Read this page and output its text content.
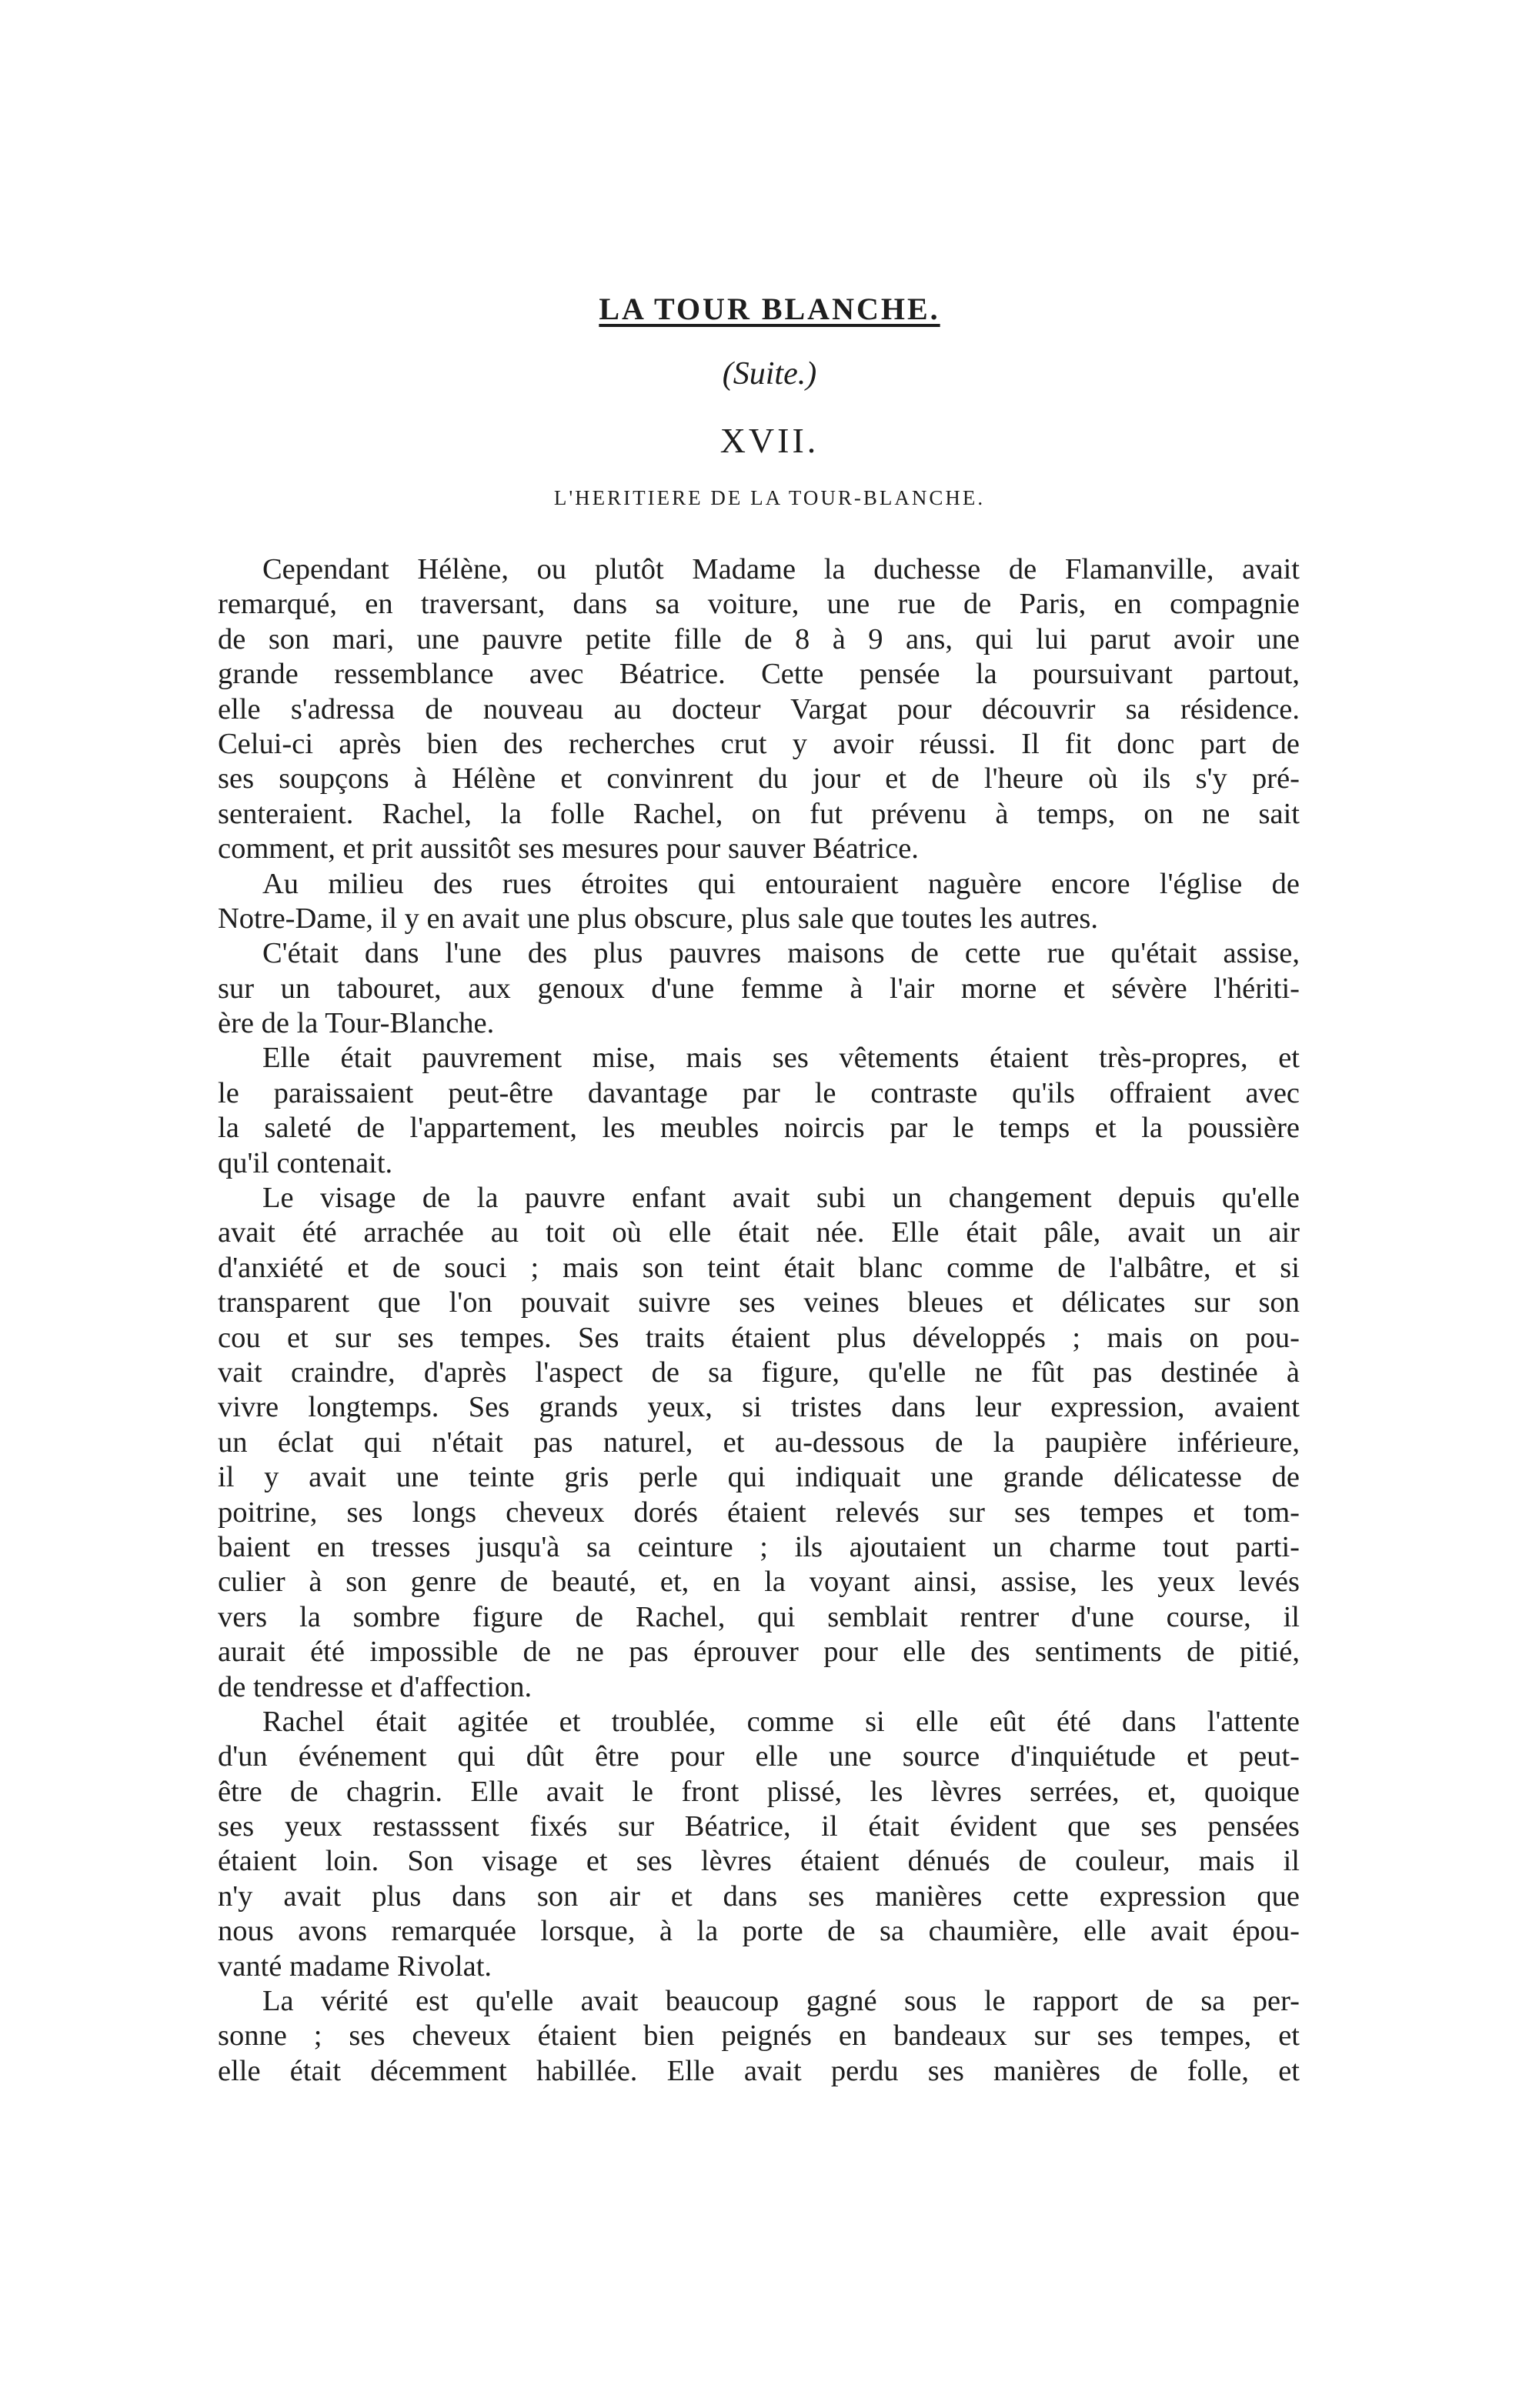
LA TOUR BLANCHE.
(Suite.)
XVII.
L'HERITIERE DE LA TOUR-BLANCHE.
Cependant Hélène, ou plutôt Madame la duchesse de Flamanville, avait
remarqué, en traversant, dans sa voiture, une rue de Paris, en compagnie
de son mari, une pauvre petite fille de 8 à 9 ans, qui lui parut avoir une
grande ressemblance avec Béatrice. Cette pensée la poursuivant partout,
elle s'adressa de nouveau au docteur Vargat pour découvrir sa résidence.
Celui-ci après bien des recherches crut y avoir réussi. Il fit donc part de
ses soupçons à Hélène et convinrent du jour et de l'heure où ils s'y pré-
senteraient. Rachel, la folle Rachel, on fut prévenu à temps, on ne sait
comment, et prit aussitôt ses mesures pour sauver Béatrice.
Au milieu des rues étroites qui entouraient naguère encore l'église de
Notre-Dame, il y en avait une plus obscure, plus sale que toutes les autres.
C'était dans l'une des plus pauvres maisons de cette rue qu'était assise,
sur un tabouret, aux genoux d'une femme à l'air morne et sévère l'hériti-
ère de la Tour-Blanche.
Elle était pauvrement mise, mais ses vêtements étaient très-propres, et
le paraissaient peut-être davantage par le contraste qu'ils offraient avec
la saleté de l'appartement, les meubles noircis par le temps et la poussière
qu'il contenait.
Le visage de la pauvre enfant avait subi un changement depuis qu'elle
avait été arrachée au toit où elle était née. Elle était pâle, avait un air
d'anxiété et de souci ; mais son teint était blanc comme de l'albâtre, et si
transparent que l'on pouvait suivre ses veines bleues et délicates sur son
cou et sur ses tempes. Ses traits étaient plus développés ; mais on pou-
vait craindre, d'après l'aspect de sa figure, qu'elle ne fût pas destinée à
vivre longtemps. Ses grands yeux, si tristes dans leur expression, avaient
un éclat qui n'était pas naturel, et au-dessous de la paupière inférieure,
il y avait une teinte gris perle qui indiquait une grande délicatesse de
poitrine, ses longs cheveux dorés étaient relevés sur ses tempes et tom-
baient en tresses jusqu'à sa ceinture ; ils ajoutaient un charme tout parti-
culier à son genre de beauté, et, en la voyant ainsi, assise, les yeux levés
vers la sombre figure de Rachel, qui semblait rentrer d'une course, il
aurait été impossible de ne pas éprouver pour elle des sentiments de pitié,
de tendresse et d'affection.
Rachel était agitée et troublée, comme si elle eût été dans l'attente
d'un événement qui dût être pour elle une source d'inquiétude et peut-
être de chagrin. Elle avait le front plissé, les lèvres serrées, et, quoique
ses yeux restasssent fixés sur Béatrice, il était évident que ses pensées
étaient loin. Son visage et ses lèvres étaient dénués de couleur, mais il
n'y avait plus dans son air et dans ses manières cette expression que
nous avons remarquée lorsque, à la porte de sa chaumière, elle avait épou-
vanté madame Rivolat.
La vérité est qu'elle avait beaucoup gagné sous le rapport de sa per-
sonne ; ses cheveux étaient bien peignés en bandeaux sur ses tempes, et
elle était décemment habillée. Elle avait perdu ses manières de folle, et
